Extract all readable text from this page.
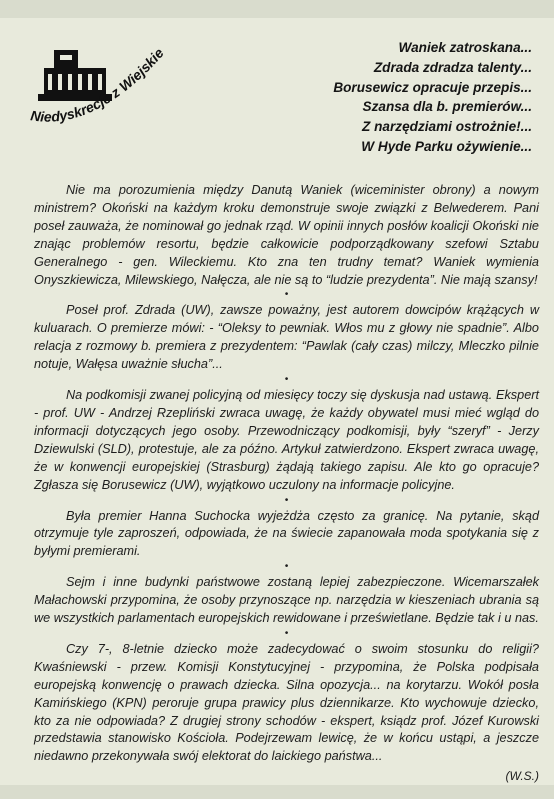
Niedyskrecje z Wiejskie	Waniek zatroskana...
Zdrada zdradza talenty...
Borusewicz opracuje przepis...
Szansa dla b. premierów...
Z narzędziami ostrożnie!...
W Hyde Parku ożywienie...

Nie ma porozumienia między Danutą Waniek (wiceminister obrony) a nowym ministrem? Okoński na każdym kroku demonstruje swoje związki z Belwederem. Pani poseł zauważa, że nominował go jednak rząd. W opinii innych posłów koalicji Okoński nie znając problemów resortu, będzie całkowicie podporządkowany szefowi Sztabu Generalnego - gen. Wileckiemu. Kto zna ten trudny temat? Waniek wymienia Onyszkiewicza, Milewskiego, Nałęcza, ale nie są to “ludzie prezydenta”. Nie mają szansy!

•

Poseł prof. Zdrada (UW), zawsze poważny, jest autorem dowcipów krążących w kuluarach. O premierze mówi: - “Oleksy to pewniak. Włos mu z głowy nie spadnie”. Albo relacja z rozmowy b. premiera z prezydentem: “Pawlak (cały czas) milczy, Mleczko pilnie notuje, Wałęsa uważnie słucha”...

•

Na podkomisji zwanej policyjną od miesięcy toczy się dyskusja nad ustawą. Ekspert - prof. UW - Andrzej Rzepliński zwraca uwagę, że każdy obywatel musi mieć wgląd do informacji dotyczących jego osoby. Przewodniczący podkomisji, były “szeryf” - Jerzy Dziewulski (SLD), protestuje, ale za późno. Artykuł zatwierdzono. Ekspert zwraca uwagę, że w konwencji europejskiej (Strasburg) żądają takiego zapisu. Ale kto go opracuje? Zgłasza się Borusewicz (UW), wyjątkowo uczulony na informacje policyjne.

•

Była premier Hanna Suchocka wyjeżdża często za granicę. Na pytanie, skąd otrzymuje tyle zaproszeń, odpowiada, że na świecie zapanowała moda spotykania się z byłymi premierami.

•

Sejm i inne budynki państwowe zostaną lepiej zabezpieczone. Wicemarszałek Małachowski przypomina, że osoby przynoszące np. narzędzia w kieszeniach ubrania są we wszystkich parlamentach europejskich rewidowane i prześwietlane. Będzie tak i u nas.

•

Czy 7-, 8-letnie dziecko może zadecydować o swoim stosunku do religii? Kwaśniewski - przew. Komisji Konstytucyjnej - przypomina, że Polska podpisała europejską konwencję o prawach dziecka. Silna opozycja... na korytarzu. Wokół posła Kamińskiego (KPN) peroruje grupa prawicy plus dziennikarze. Kto wychowuje dziecko, kto za nie odpowiada? Z drugiej strony schodów - ekspert, ksiądz prof. Józef Kurowski przedstawia stanowisko Kościoła. Podejrzewam lewicę, że w końcu ustąpi, a jeszcze niedawno przekonywała swój elektorat do laickiego państwa...

(W.S.)
